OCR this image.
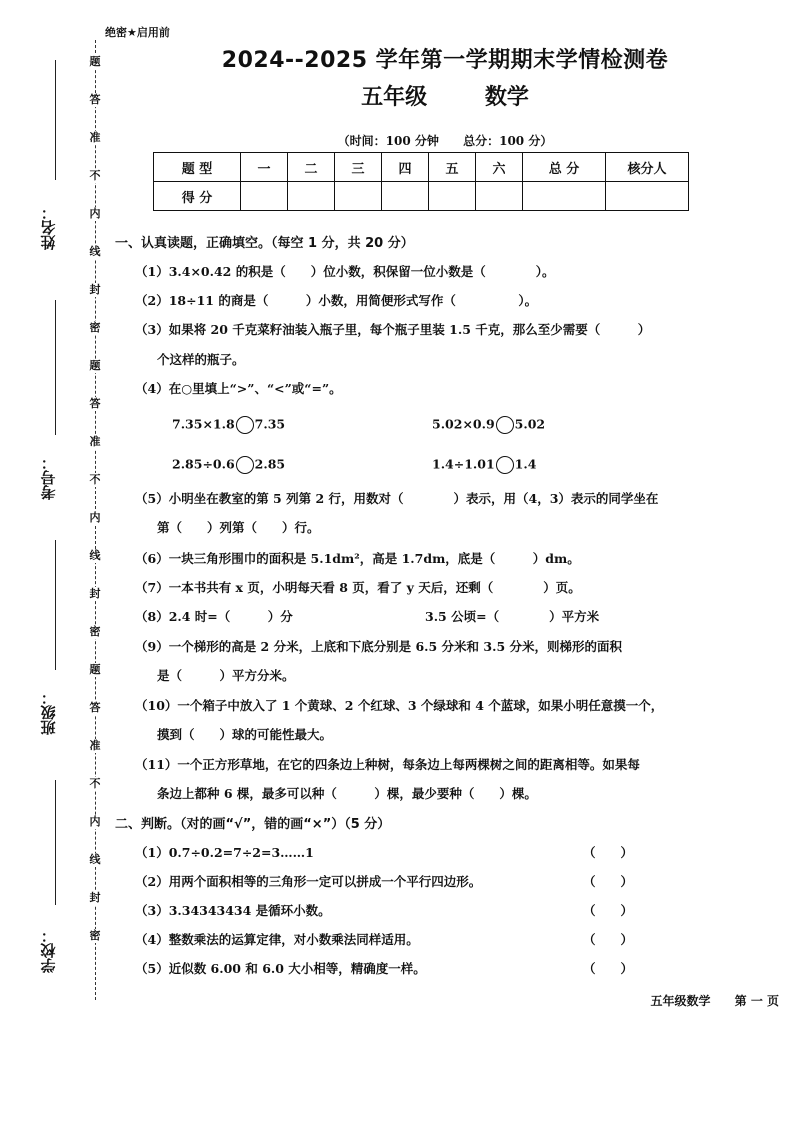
题
答
准
不
内
线
封
密
题
答
准
不
内
线
封
密
题
答
准
不
内
线
封
密
姓名：
考号：
班级：
学校：
绝密★启用前
2024--2025 学年第一学期期末学情检测卷
五年级	数学
（时间：100 分钟 总分：100 分）
题 型	一	二	三	四	五	六	总 分	核分人
得 分								
一、认真读题，正确填空。（每空 1 分，共 20 分）
（1）3.4×0.42 的积是（　　）位小数，积保留一位小数是（　　　　）。
（2）18÷11 的商是（　　　）小数，用简便形式写作（　　　　　）。
（3）如果将 20 千克菜籽油装入瓶子里，每个瓶子里装 1.5 千克，那么至少需要（　　　）
个这样的瓶子。
（4）在○里填上“>”、“<”或“=”。
7.35×1.8 7.35	5.02×0.9 5.02
2.85÷0.6 2.85	1.4÷1.01 1.4
（5）小明坐在教室的第 5 列第 2 行，用数对（　　　　）表示，用（4，3）表示的同学坐在
第（　　）列第（　　）行。
（6）一块三角形围巾的面积是 5.1dm²，高是 1.7dm，底是（　　　）dm。
（7）一本书共有 x 页，小明每天看 8 页，看了 y 天后，还剩（　　　　）页。
（8）2.4 时=（　　　）分	3.5 公顷=（　　　　）平方米
（9）一个梯形的高是 2 分米，上底和下底分别是 6.5 分米和 3.5 分米，则梯形的面积
是（　　　）平方分米。
（10）一个箱子中放入了 1 个黄球、2 个红球、3 个绿球和 4 个蓝球，如果小明任意摸一个，
摸到（　　）球的可能性最大。
（11）一个正方形草地，在它的四条边上种树，每条边上每两棵树之间的距离相等。如果每
条边上都种 6 棵，最多可以种（　　　）棵，最少要种（　　）棵。
二、判断。（对的画“√”，错的画“×”）（5 分）
（1）0.7÷0.2=7÷2=3……1	（　　）
（2）用两个面积相等的三角形一定可以拼成一个平行四边形。	（　　）
（3）3.34343434 是循环小数。	（　　）
（4）整数乘法的运算定律，对小数乘法同样适用。	（　　）
（5）近似数 6.00 和 6.0 大小相等，精确度一样。	（　　）
五年级数学 第 一 页
